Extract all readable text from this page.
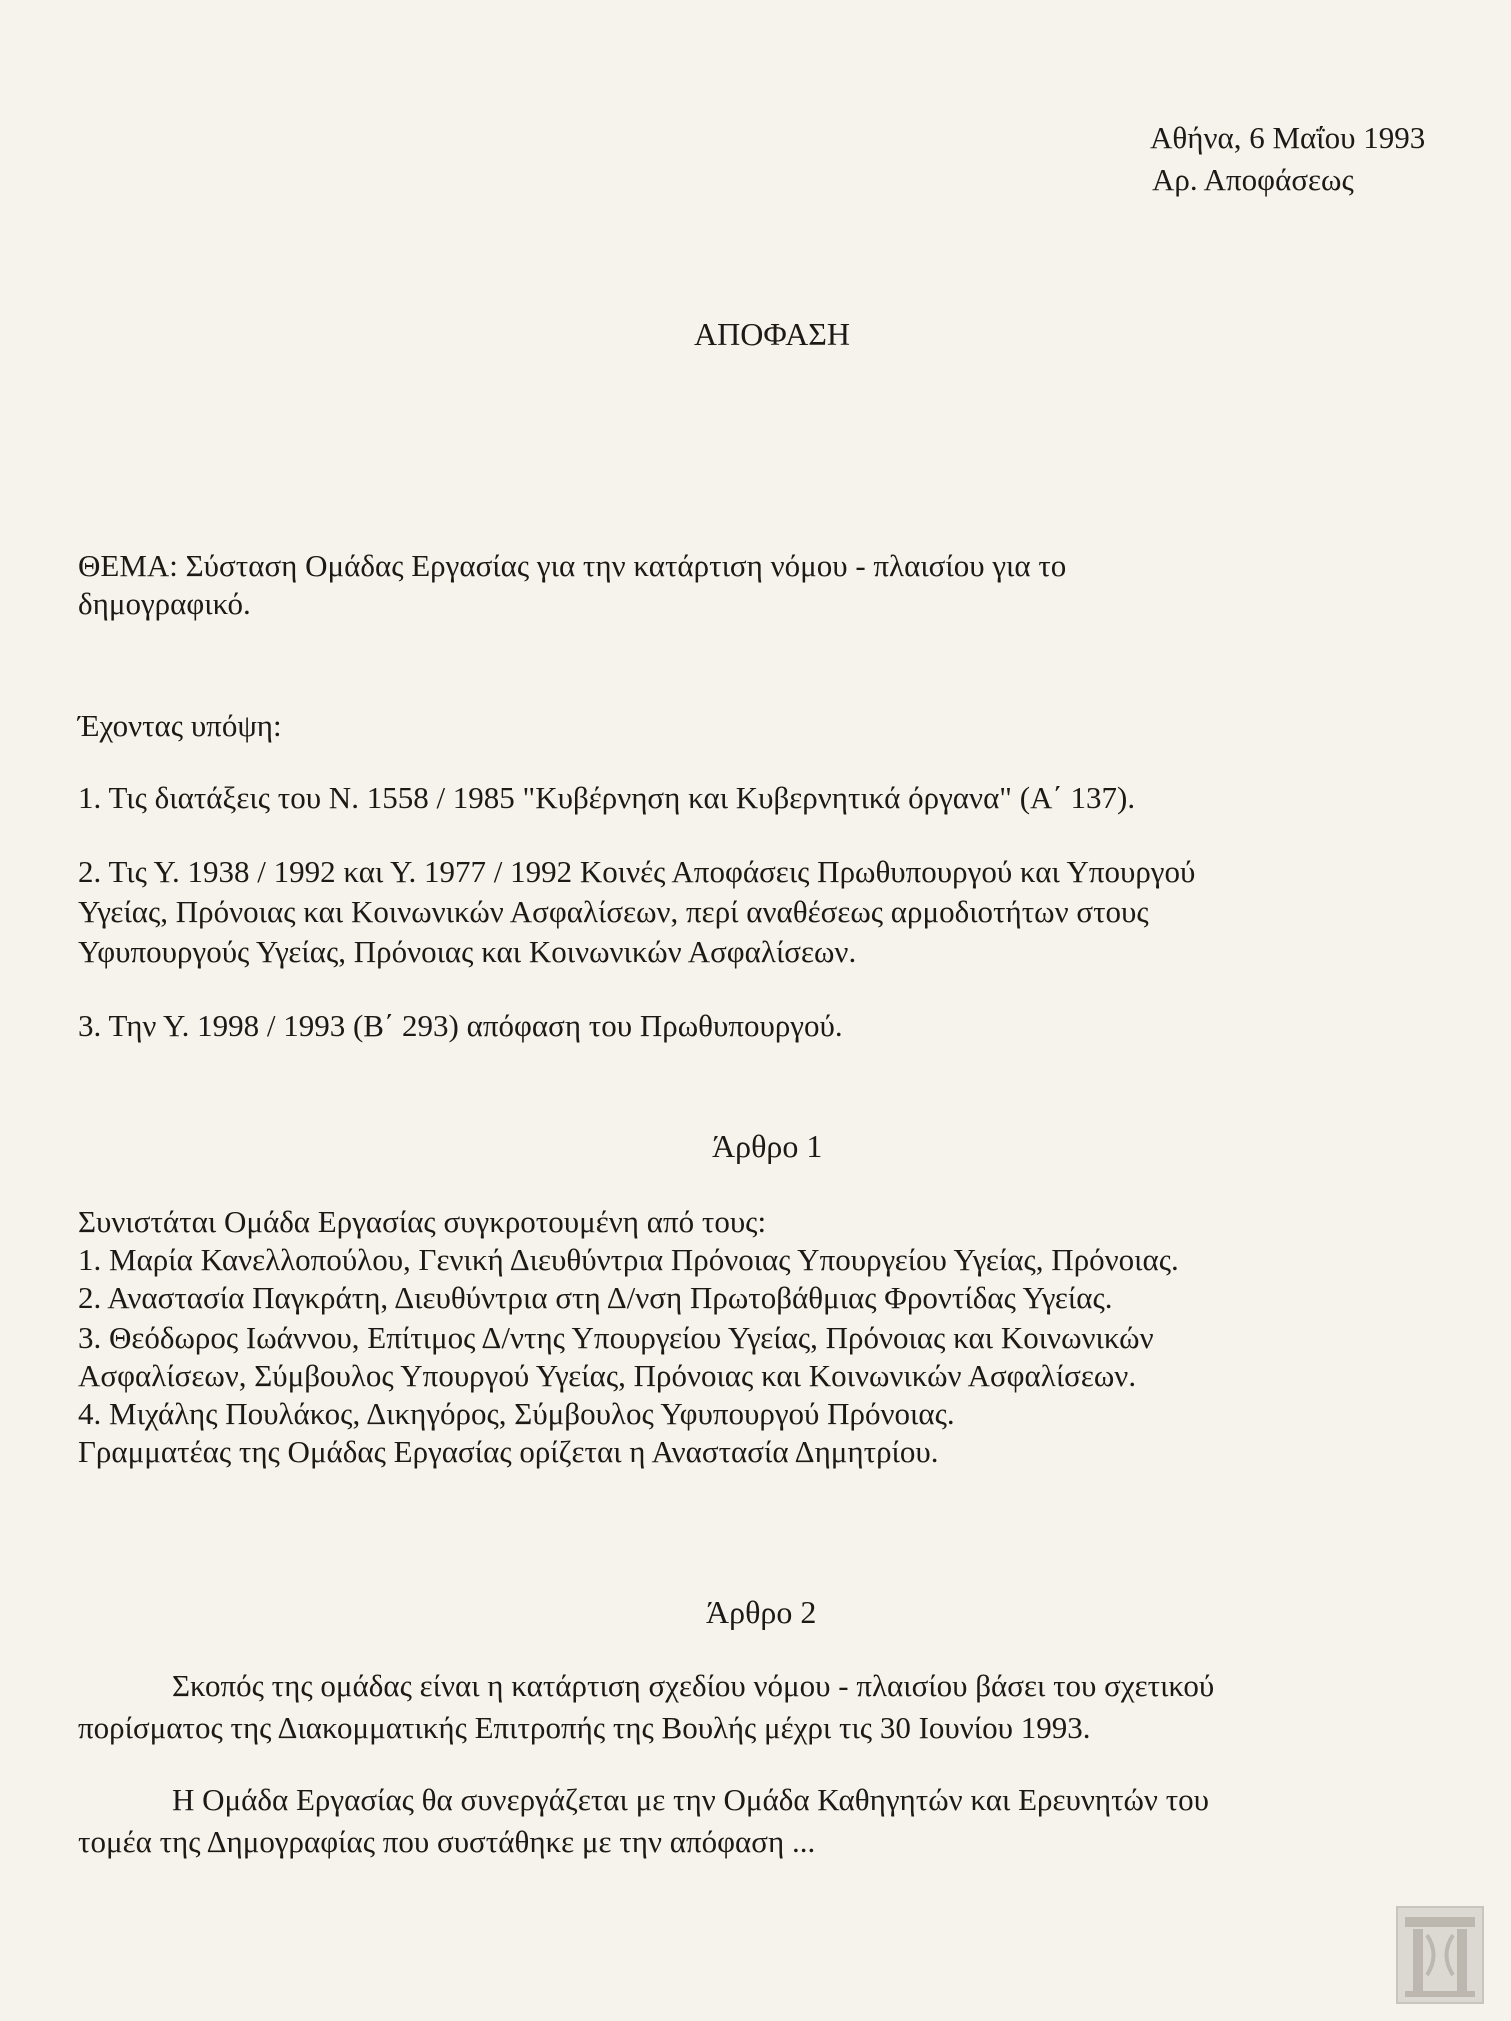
Αθήνα, 6 Μαΐου 1993

Αρ. Αποφάσεως

ΑΠΟΦΑΣΗ

ΘΕΜΑ: Σύσταση Ομάδας Εργασίας για την κατάρτιση νόμου - πλαισίου για το

δημογραφικό.

Έχοντας υπόψη:

1. Τις διατάξεις του Ν. 1558 / 1985 "Κυβέρνηση και Κυβερνητικά όργανα" (Α΄ 137).

2. Τις Υ. 1938 / 1992 και Υ. 1977 / 1992 Κοινές Αποφάσεις Πρωθυπουργού και Υπουργού

Υγείας, Πρόνοιας και Κοινωνικών Ασφαλίσεων, περί αναθέσεως αρμοδιοτήτων στους

Υφυπουργούς Υγείας, Πρόνοιας και Κοινωνικών Ασφαλίσεων.

3. Την Υ. 1998 / 1993 (Β΄ 293) απόφαση του Πρωθυπουργού.

Άρθρο 1

Συνιστάται Ομάδα Εργασίας συγκροτουμένη από τους:

1. Μαρία Κανελλοπούλου, Γενική Διευθύντρια Πρόνοιας Υπουργείου Υγείας, Πρόνοιας.

2. Αναστασία Παγκράτη, Διευθύντρια στη Δ/νση Πρωτοβάθμιας Φροντίδας Υγείας.

3. Θεόδωρος Ιωάννου, Επίτιμος Δ/ντης Υπουργείου Υγείας, Πρόνοιας και Κοινωνικών

Ασφαλίσεων, Σύμβουλος Υπουργού Υγείας, Πρόνοιας και Κοινωνικών Ασφαλίσεων.

4. Μιχάλης Πουλάκος, Δικηγόρος, Σύμβουλος Υφυπουργού Πρόνοιας.

Γραμματέας της Ομάδας Εργασίας ορίζεται η Αναστασία Δημητρίου.

Άρθρο 2

Σκοπός της ομάδας είναι η κατάρτιση σχεδίου νόμου - πλαισίου βάσει του σχετικού

πορίσματος της Διακομματικής Επιτροπής της Βουλής μέχρι τις 30 Ιουνίου 1993.

Η Ομάδα Εργασίας θα συνεργάζεται με την Ομάδα Καθηγητών και Ερευνητών του

τομέα της Δημογραφίας που συστάθηκε με την απόφαση ...
